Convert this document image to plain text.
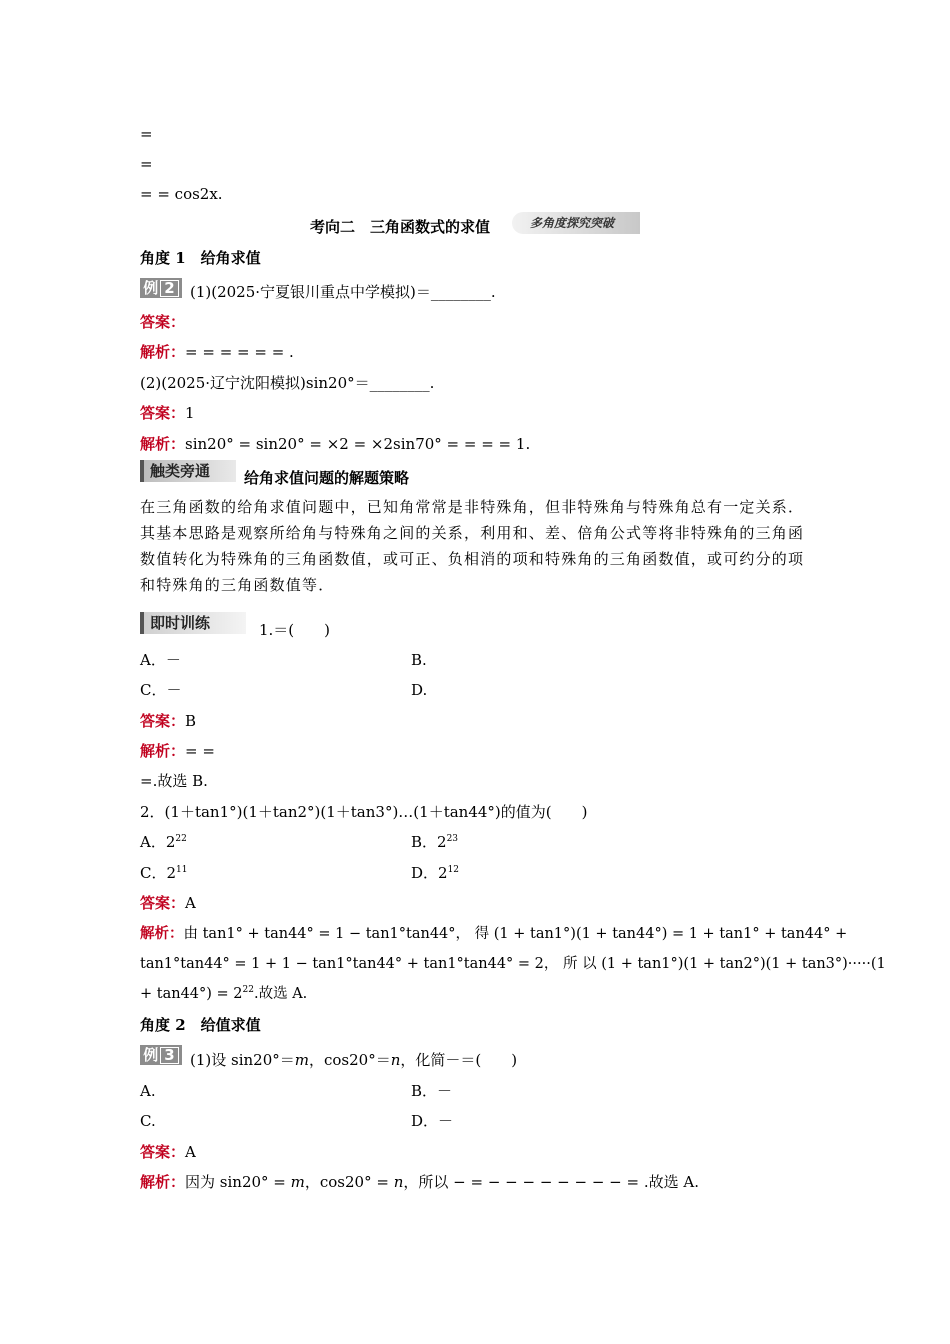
=
=
= = cos2x.
考向二　三角函数式的求值	多角度探究突破
角度 1　给角求值
例 2	(1)(2025·宁夏银川重点中学模拟)＝________.
答案：
解析：= = = = = = .
(2)(2025·辽宁沈阳模拟)sin20°＝________.
答案：1
解析：sin20° = sin20° = ×2 = ×2sin70° = = = = 1.
触类旁通	给角求值问题的解题策略
在三角函数的给角求值问题中，已知角常常是非特殊角，但非特殊角与特殊角总有一定关系．其基本思路是观察所给角与特殊角之间的关系，利用和、差、倍角公式等将非特殊角的三角函数值转化为特殊角的三角函数值，或可正、负相消的项和特殊角的三角函数值，或可约分的项和特殊角的三角函数值等．
即时训练	1.＝(　　)
A．－	B.
C．－	D.
答案：B
解析：= =
=.故选 B.
2．(1＋tan1°)(1＋tan2°)(1＋tan3°)…(1＋tan44°)的值为(　　)
A．$2^{22}$	B．$2^{23}$
C．$2^{11}$	D．$2^{12}$
答案：A
解析：由 tan1° + tan44° = 1 − tan1°tan44°， 得 (1 + tan1°)(1 + tan44°) = 1 + tan1° + tan44° +
tan1°tan44° = 1 + 1 − tan1°tan44° + tan1°tan44° = 2， 所 以 (1 + tan1°)(1 + tan2°)(1 + tan3°)·····(1
+ $\tan 44^\circ) = 2^{22}$.故选 A.
角度 2　给值求值
例 3	(1)设 sin20°＝m，cos20°＝n，化简－＝(　　)
A.	B．－
C.	D．－
答案：A
解析：因为 sin20° = m，cos20° = n，所以 − = − − − − − − − − = .故选 A.
